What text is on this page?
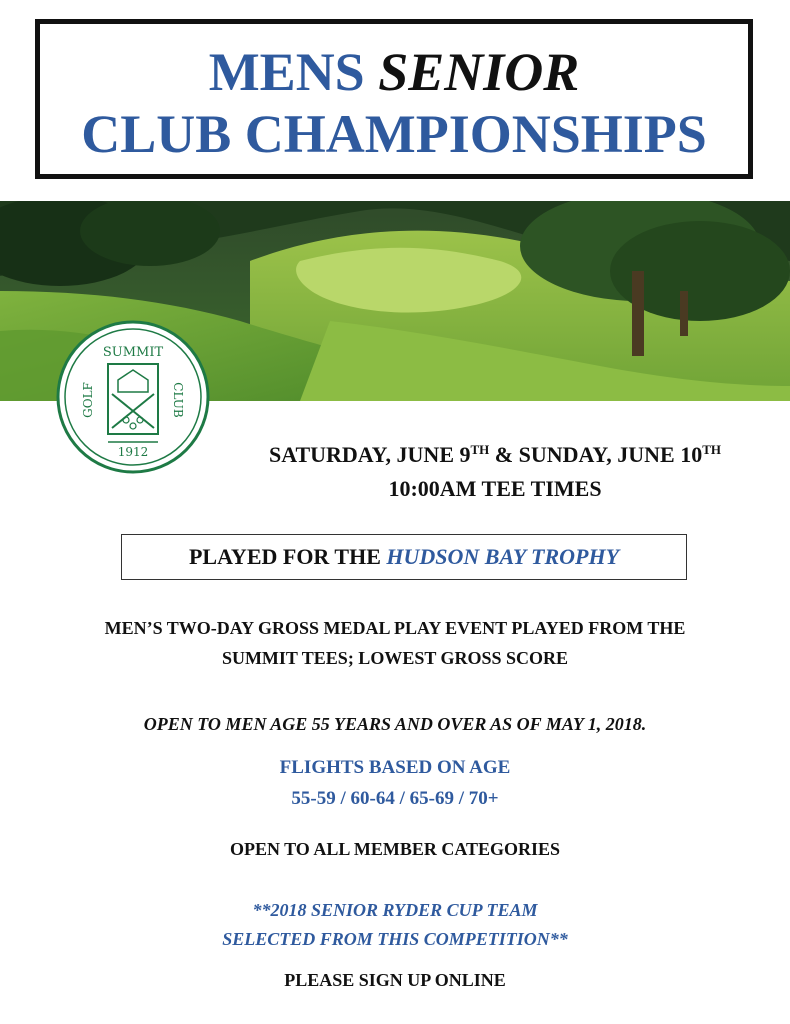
MENS SENIOR
CLUB CHAMPIONSHIPS
SUMMIT
GOLF	CLUB
1912	SATURDAY, JUNE 9TH & SUNDAY, JUNE 10TH
10:00AM TEE TIMES
PLAYED FOR THE HUDSON BAY TROPHY
MEN’S TWO-DAY GROSS MEDAL PLAY EVENT PLAYED FROM THE
SUMMIT TEES; LOWEST GROSS SCORE
OPEN TO MEN AGE 55 YEARS AND OVER AS OF MAY 1, 2018.
FLIGHTS BASED ON AGE
55-59 / 60-64 / 65-69 / 70+
OPEN TO ALL MEMBER CATEGORIES
**2018 SENIOR RYDER CUP TEAM
SELECTED FROM THIS COMPETITION**
PLEASE SIGN UP ONLINE
